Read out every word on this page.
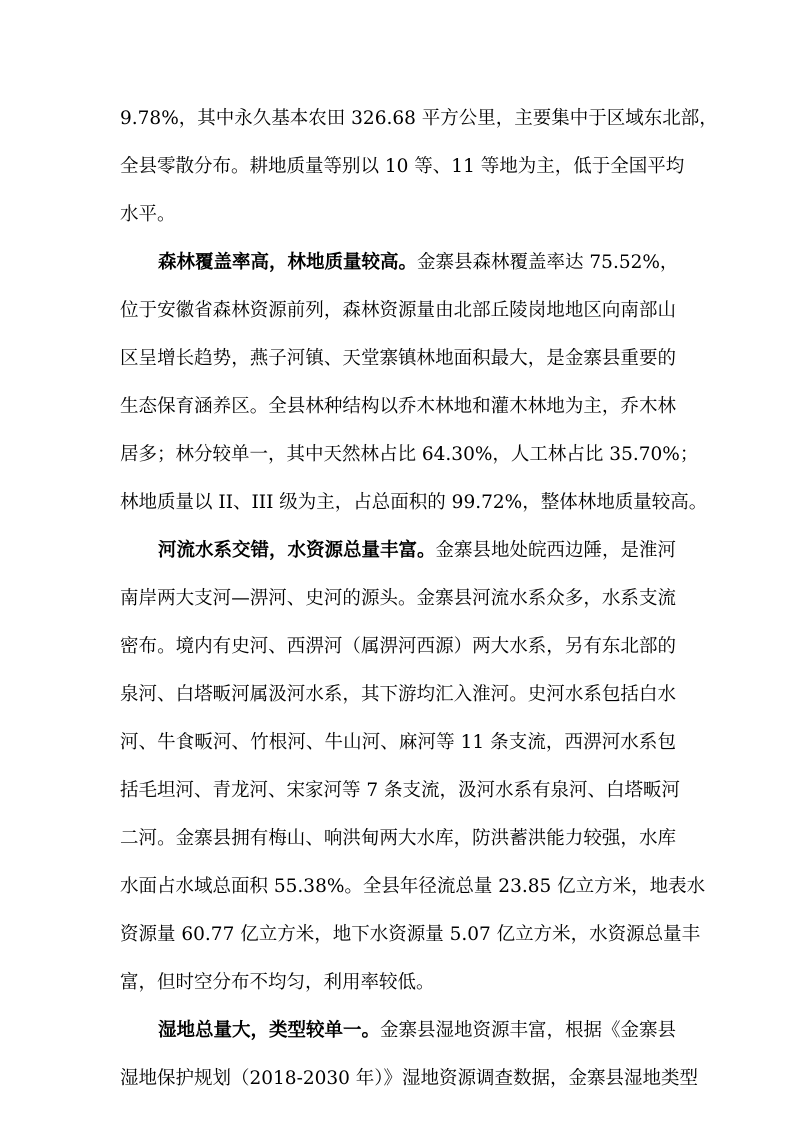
9.78%，其中永久基本农田 326.68 平方公里，主要集中于区域东北部，
全县零散分布。耕地质量等别以 10 等、11 等地为主，低于全国平均
水平。
森林覆盖率高，林地质量较高。金寨县森林覆盖率达 75.52%，
位于安徽省森林资源前列，森林资源量由北部丘陵岗地地区向南部山
区呈增长趋势，燕子河镇、天堂寨镇林地面积最大，是金寨县重要的
生态保育涵养区。全县林种结构以乔木林地和灌木林地为主，乔木林
居多；林分较单一，其中天然林占比 64.30%，人工林占比 35.70%；
林地质量以 II、III 级为主，占总面积的 99.72%，整体林地质量较高。
河流水系交错，水资源总量丰富。金寨县地处皖西边陲，是淮河
南岸两大支河—淠河、史河的源头。金寨县河流水系众多，水系支流
密布。境内有史河、西淠河（属淠河西源）两大水系，另有东北部的
泉河、白塔畈河属汲河水系，其下游均汇入淮河。史河水系包括白水
河、牛食畈河、竹根河、牛山河、麻河等 11 条支流，西淠河水系包
括毛坦河、青龙河、宋家河等 7 条支流，汲河水系有泉河、白塔畈河
二河。金寨县拥有梅山、响洪甸两大水库，防洪蓄洪能力较强，水库
水面占水域总面积 55.38%。全县年径流总量 23.85 亿立方米，地表水
资源量 60.77 亿立方米，地下水资源量 5.07 亿立方米，水资源总量丰
富，但时空分布不均匀，利用率较低。
湿地总量大，类型较单一。金寨县湿地资源丰富，根据《金寨县
湿地保护规划（2018-2030 年）》湿地资源调查数据，金寨县湿地类型
